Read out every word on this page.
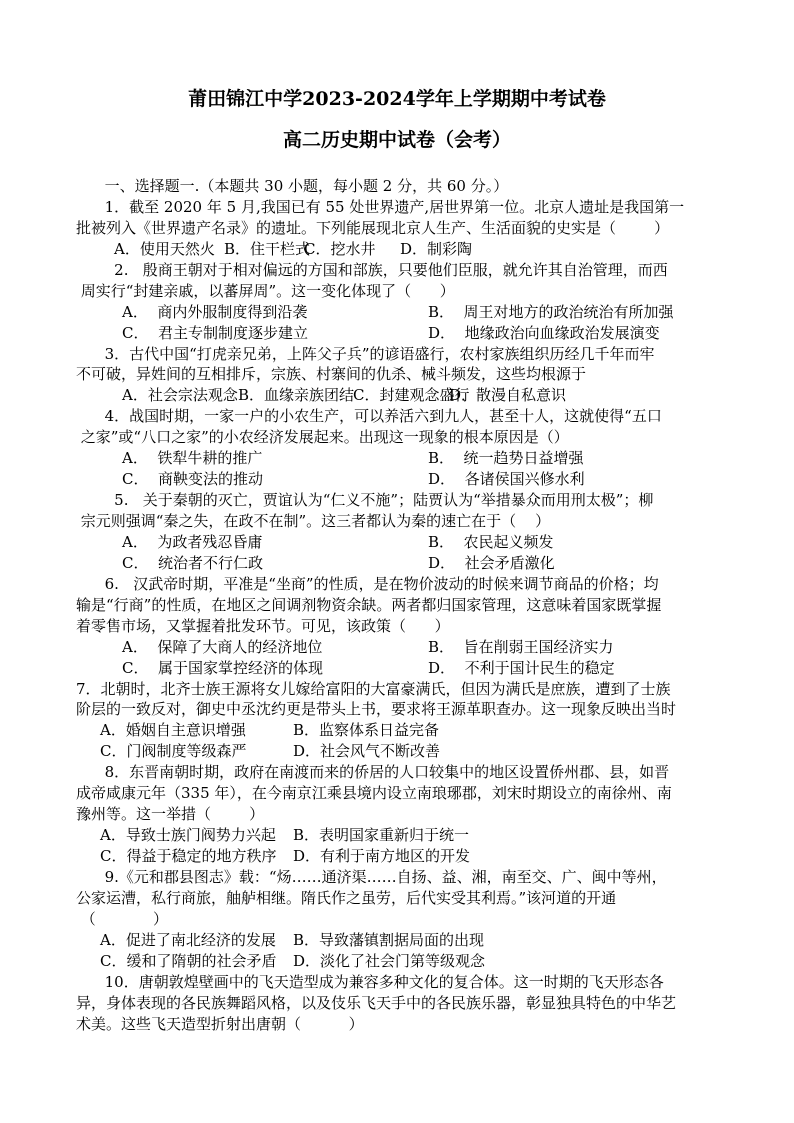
莆田锦江中学2023-2024学年上学期期中考试卷
高二历史期中试卷（会考）
一、选择题一.（本题共 30 小题，每小题 2 分，共 60 分。）
1．截至 2020 年 5 月,我国已有 55 处世界遗产,居世界第一位。北京人遗址是我国第一
批被列入《世界遗产名录》的遗址。下列能展现北京人生产、生活面貌的史实是（        ）
A．使用天然火 B．住干栏式
C．挖水井 D．制彩陶
2.   殷商王朝对于相对偏远的方国和部族，只要他们臣服，就允许其自治管理，而西
周实行“封建亲戚，以蕃屏周”。这一变化体现了（      ）
A．  商内外服制度得到沿袭	B．  周王对地方的政治统治有所加强
C．  君主专制制度逐步建立	D．  地缘政治向血缘政治发展演变
3．古代中国“打虎亲兄弟，上阵父子兵”的谚语盛行，农村家族组织历经几千年而牢
不可破，异姓间的互相排斥，宗族、村寨间的仇杀、械斗频发，这些均根源于
A．社会宗法观念 B．血缘亲族团结
C．封建观念盛行
D．散漫自私意识
4．战国时期，一家一户的小农生产，可以养活六到九人，甚至十人，这就使得“五口
之家”或“八口之家”的小农经济发展起来。出现这一现象的根本原因是（）
A．  铁犁牛耕的推广	B．  统一趋势日益增强
C．  商鞅变法的推动	D．  各诸侯国兴修水利
5.   关于秦朝的灭亡，贾谊认为“仁义不施”；陆贾认为“举措暴众而用刑太极”；柳
宗元则强调“秦之失，在政不在制”。这三者都认为秦的速亡在于（    ）
A．  为政者残忍昏庸	B．  农民起义频发
C．  统治者不行仁政	D．  社会矛盾激化
6.   汉武帝时期，平准是“坐商”的性质，是在物价波动的时候来调节商品的价格；均
输是“行商”的性质，在地区之间调剂物资余缺。两者都归国家管理，这意味着国家既掌握
着零售市场，又掌握着批发环节。可见，该政策（      ）
A．  保障了大商人的经济地位	B．  旨在削弱王国经济实力
C．  属于国家掌控经济的体现	D．  不利于国计民生的稳定
7．北朝时，北齐士族王源将女儿嫁给富阳的大富豪满氏，但因为满氏是庶族，遭到了士族
阶层的一致反对，御史中丞沈约更是带头上书，要求将王源革职查办。这一现象反映出当时
A．婚姻自主意识增强	B．监察体系日益完备
C．门阀制度等级森严	D．社会风气不断改善
8．东晋南朝时期，政府在南渡而来的侨居的人口较集中的地区设置侨州郡、县，如晋
成帝咸康元年（335 年），在今南京江乘县境内设立南琅琊郡，刘宋时期设立的南徐州、南
豫州等。这一举措（        ）
A．导致士族门阀势力兴起 B．表明国家重新归于统一
C．得益于稳定的地方秩序 D．有利于南方地区的开发
9.《元和郡县图志》载：“炀……通济渠……自扬、益、湘，南至交、广、闽中等州，
公家运漕，私行商旅，舳舻相继。隋氏作之虽劳，后代实受其利焉。”该河道的开通
（            ）
A．促进了南北经济的发展 B．导致藩镇割据局面的出现
C．缓和了隋朝的社会矛盾 D．淡化了社会门第等级观念
10．唐朝敦煌壁画中的飞天造型成为兼容多种文化的复合体。这一时期的飞天形态各
异，身体表现的各民族舞蹈风格，以及伎乐飞天手中的各民族乐器，彰显独具特色的中华艺
术美。这些飞天造型折射出唐朝（          ）
